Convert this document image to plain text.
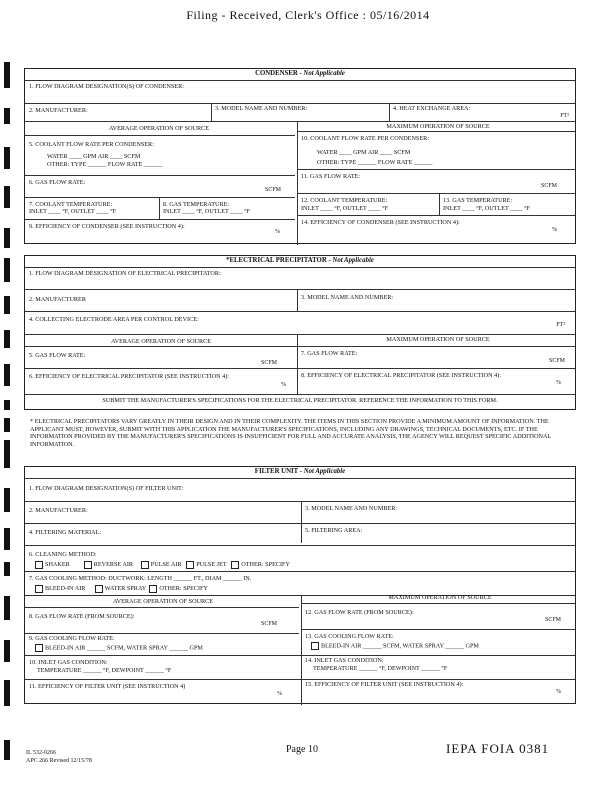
Filing - Received, Clerk's Office : 05/16/2014
CONDENSER - Not Applicable
1. FLOW DIAGRAM DESIGNATION(S) OF CONDENSER:
2. MANUFACTURER:	3. MODEL NAME AND NUMBER:	4. HEAT EXCHANGE AREA:
FT²
AVERAGE OPERATION OF SOURCE	MAXIMUM OPERATION OF SOURCE
5. COOLANT FLOW RATE PER CONDENSER:
WATER ____ GPM AIR ____ SCFM
OTHER: TYPE ______ FLOW RATE ______
10. COOLANT FLOW RATE PER CONDENSER:
WATER ____ GPM AIR ____ SCFM
OTHER: TYPE ______ FLOW RATE ______
6. GAS FLOW RATE:
SCFM
11. GAS FLOW RATE:
SCFM
7. COOLANT TEMPERATURE:
INLET ____ °F, OUTLET ____ °F
8. GAS TEMPERATURE:
INLET ____ °F, OUTLET ____ °F
12. COOLANT TEMPERATURE:
INLET ____ °F, OUTLET ____ °F
13. GAS TEMPERATURE:
INLET ____ °F, OUTLET ____ °F
9. EFFICIENCY OF CONDENSER (SEE INSTRUCTION 4):
%
14. EFFICIENCY OF CONDENSER (SEE INSTRUCTION 4):
%
*ELECTRICAL PRECIPITATOR - Not Applicable
1. FLOW DIAGRAM DESIGNATION OF ELECTRICAL PRECIPITATOR:
2. MANUFACTURER	3. MODEL NAME AND NUMBER:
4. COLLECTING ELECTRODE AREA PER CONTROL DEVICE:
FT²
AVERAGE OPERATION OF SOURCE	MAXIMUM OPERATION OF SOURCE
5. GAS FLOW RATE:
SCFM
7. GAS FLOW RATE:
SCFM
6. EFFICIENCY OF ELECTRICAL PRECIPITATOR (SEE INSTRUCTION 4):
%
8. EFFICIENCY OF ELECTRICAL PRECIPITATOR (SEE INSTRUCTION 4):
%
SUBMIT THE MANUFACTURER'S SPECIFICATIONS FOR THE ELECTRICAL PRECIPITATOR. REFERENCE THE INFORMATION TO THIS FORM.
* ELECTRICAL PRECIPITATORS VARY GREATLY IN THEIR DESIGN AND IN THEIR COMPLEXITY. THE ITEMS IN THIS SECTION PROVIDE A MINIMUM AMOUNT OF INFORMATION. THE APPLICANT MUST, HOWEVER, SUBMIT WITH THIS APPLICATION THE MANUFACTURER'S SPECIFICATIONS, INCLUDING ANY DRAWINGS, TECHNICAL DOCUMENTS, ETC. IF THE INFORMATION PROVIDED BY THE MANUFACTURER'S SPECIFICATIONS IS INSUFFICIENT FOR FULL AND ACCURATE ANALYSIS, THE AGENCY WILL REQUEST SPECIFIC ADDITIONAL INFORMATION.
FILTER UNIT - Not Applicable
1. FLOW DIAGRAM DESIGNATION(S) OF FILTER UNIT:
2. MANUFACTURER:	3. MODEL NAME AND NUMBER:
4. FILTERING MATERIAL:	5. FILTERING AREA:
6. CLEANING METHOD:
SHAKER	REVERSE AIR	PULSE AIR PULSE JET OTHER: SPECIFY
7. GAS COOLING METHOD: DUCTWORK: LENGTH ______ FT., DIAM ______ IN.
BLEED-IN AIR	WATER SPRAY OTHER: SPECIFY
AVERAGE OPERATION OF SOURCE
MAXIMUM OPERATION OF SOURCE
8. GAS FLOW RATE (FROM SOURCE):
SCFM
12. GAS FLOW RATE (FROM SOURCE):
SCFM
9. GAS COOLING FLOW RATE:
BLEED-IN AIR ______ SCFM, WATER SPRAY ______ GPM
13. GAS COOLING FLOW RATE:
BLEED-IN AIR ______ SCFM, WATER SPRAY ______ GPM
10. INLET GAS CONDITION:
TEMPERATURE ______ °F, DEWPOINT ______ °F
14. INLET GAS CONDITION:
TEMPERATURE ______ °F, DEWPOINT ______ °F
11. EFFICIENCY OF FILTER UNIT (SEE INSTRUCTION 4)
%
15. EFFICIENCY OF FILTER UNIT (SEE INSTRUCTION 4):
%
IL 532-0266
APC 266 Revised 12/15/78
Page 10	IEPA FOIA 0381
